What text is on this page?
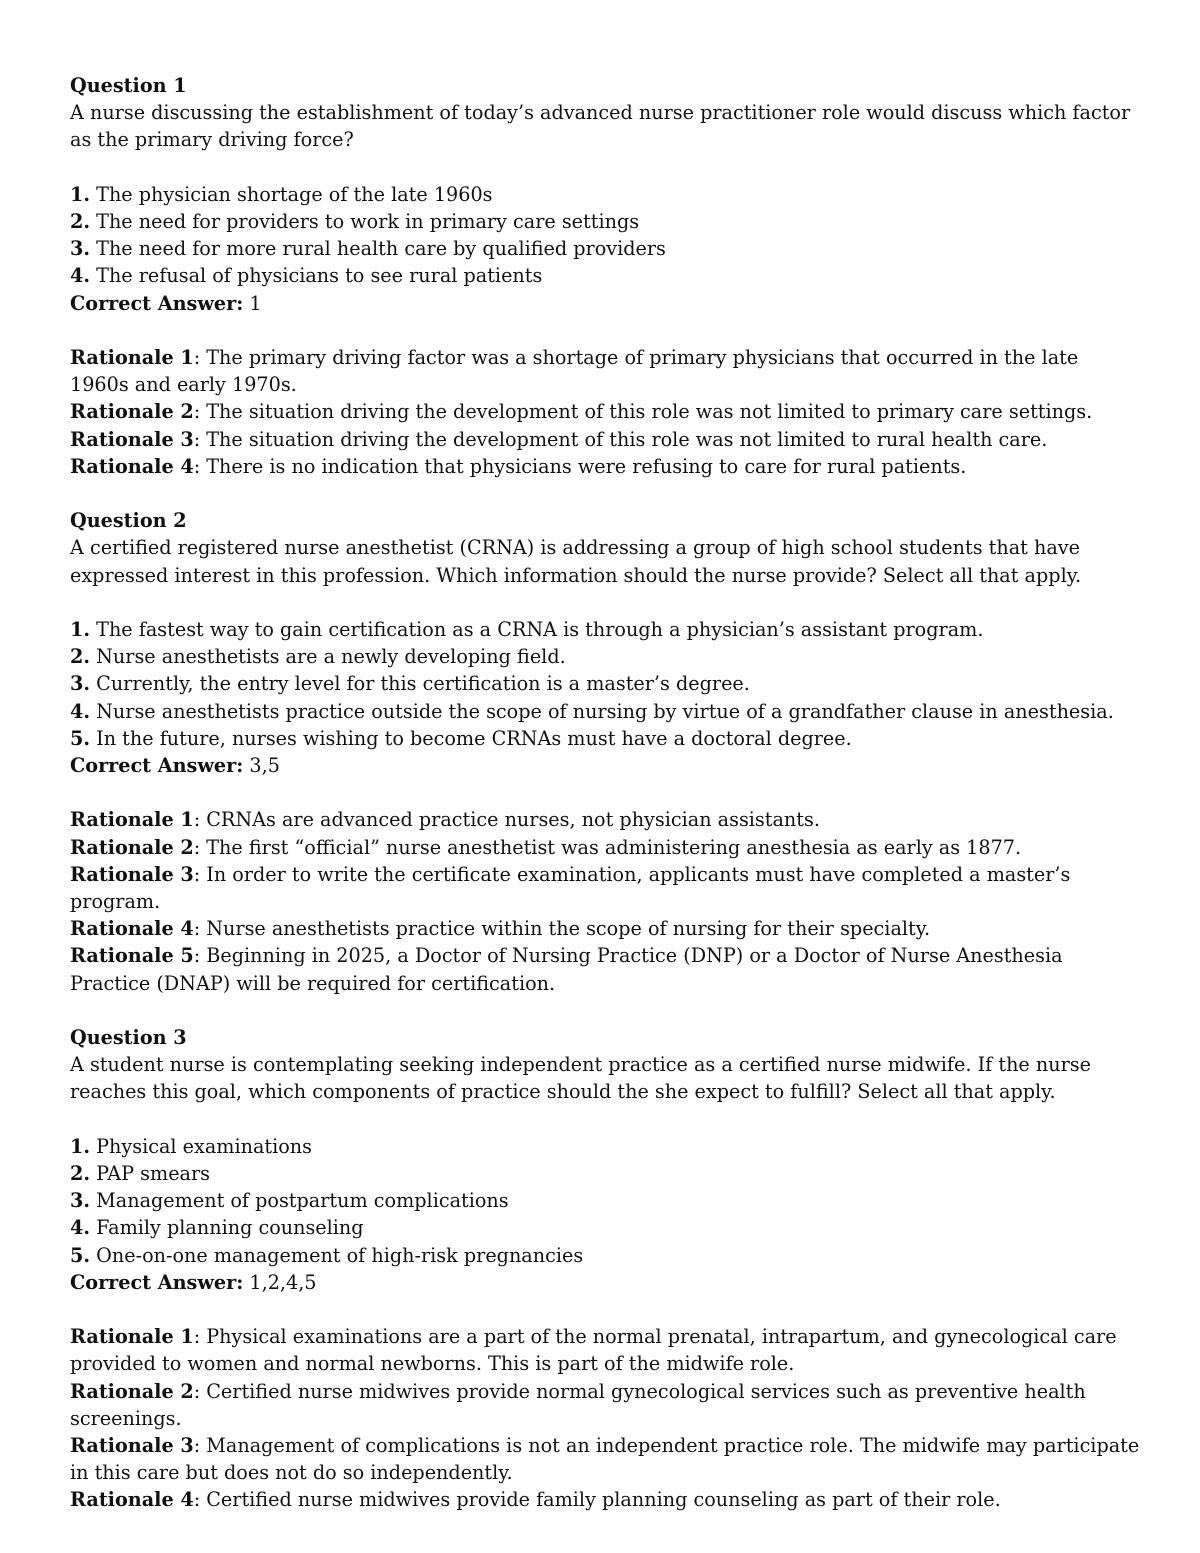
Question 1

A nurse discussing the establishment of today’s advanced nurse practitioner role would discuss which factor as the primary driving force?

1. The physician shortage of the late 1960s

2. The need for providers to work in primary care settings

3. The need for more rural health care by qualified providers

4. The refusal of physicians to see rural patients

Correct Answer: 1

Rationale 1: The primary driving factor was a shortage of primary physicians that occurred in the late 1960s and early 1970s.

Rationale 2: The situation driving the development of this role was not limited to primary care settings.

Rationale 3: The situation driving the development of this role was not limited to rural health care.

Rationale 4: There is no indication that physicians were refusing to care for rural patients.

Question 2

A certified registered nurse anesthetist (CRNA) is addressing a group of high school students that have expressed interest in this profession. Which information should the nurse provide? Select all that apply.

1. The fastest way to gain certification as a CRNA is through a physician’s assistant program.

2. Nurse anesthetists are a newly developing field.

3. Currently, the entry level for this certification is a master’s degree.

4. Nurse anesthetists practice outside the scope of nursing by virtue of a grandfather clause in anesthesia.

5. In the future, nurses wishing to become CRNAs must have a doctoral degree.

Correct Answer: 3,5

Rationale 1: CRNAs are advanced practice nurses, not physician assistants.

Rationale 2: The first “official” nurse anesthetist was administering anesthesia as early as 1877.

Rationale 3: In order to write the certificate examination, applicants must have completed a master’s program.

Rationale 4: Nurse anesthetists practice within the scope of nursing for their specialty.

Rationale 5: Beginning in 2025, a Doctor of Nursing Practice (DNP) or a Doctor of Nurse Anesthesia Practice (DNAP) will be required for certification.

Question 3

A student nurse is contemplating seeking independent practice as a certified nurse midwife. If the nurse reaches this goal, which components of practice should the she expect to fulfill? Select all that apply.

1. Physical examinations

2. PAP smears

3. Management of postpartum complications

4. Family planning counseling

5. One-on-one management of high-risk pregnancies

Correct Answer: 1,2,4,5

Rationale 1: Physical examinations are a part of the normal prenatal, intrapartum, and gynecological care provided to women and normal newborns. This is part of the midwife role.

Rationale 2: Certified nurse midwives provide normal gynecological services such as preventive health screenings.

Rationale 3: Management of complications is not an independent practice role. The midwife may participate in this care but does not do so independently.

Rationale 4: Certified nurse midwives provide family planning counseling as part of their role.
